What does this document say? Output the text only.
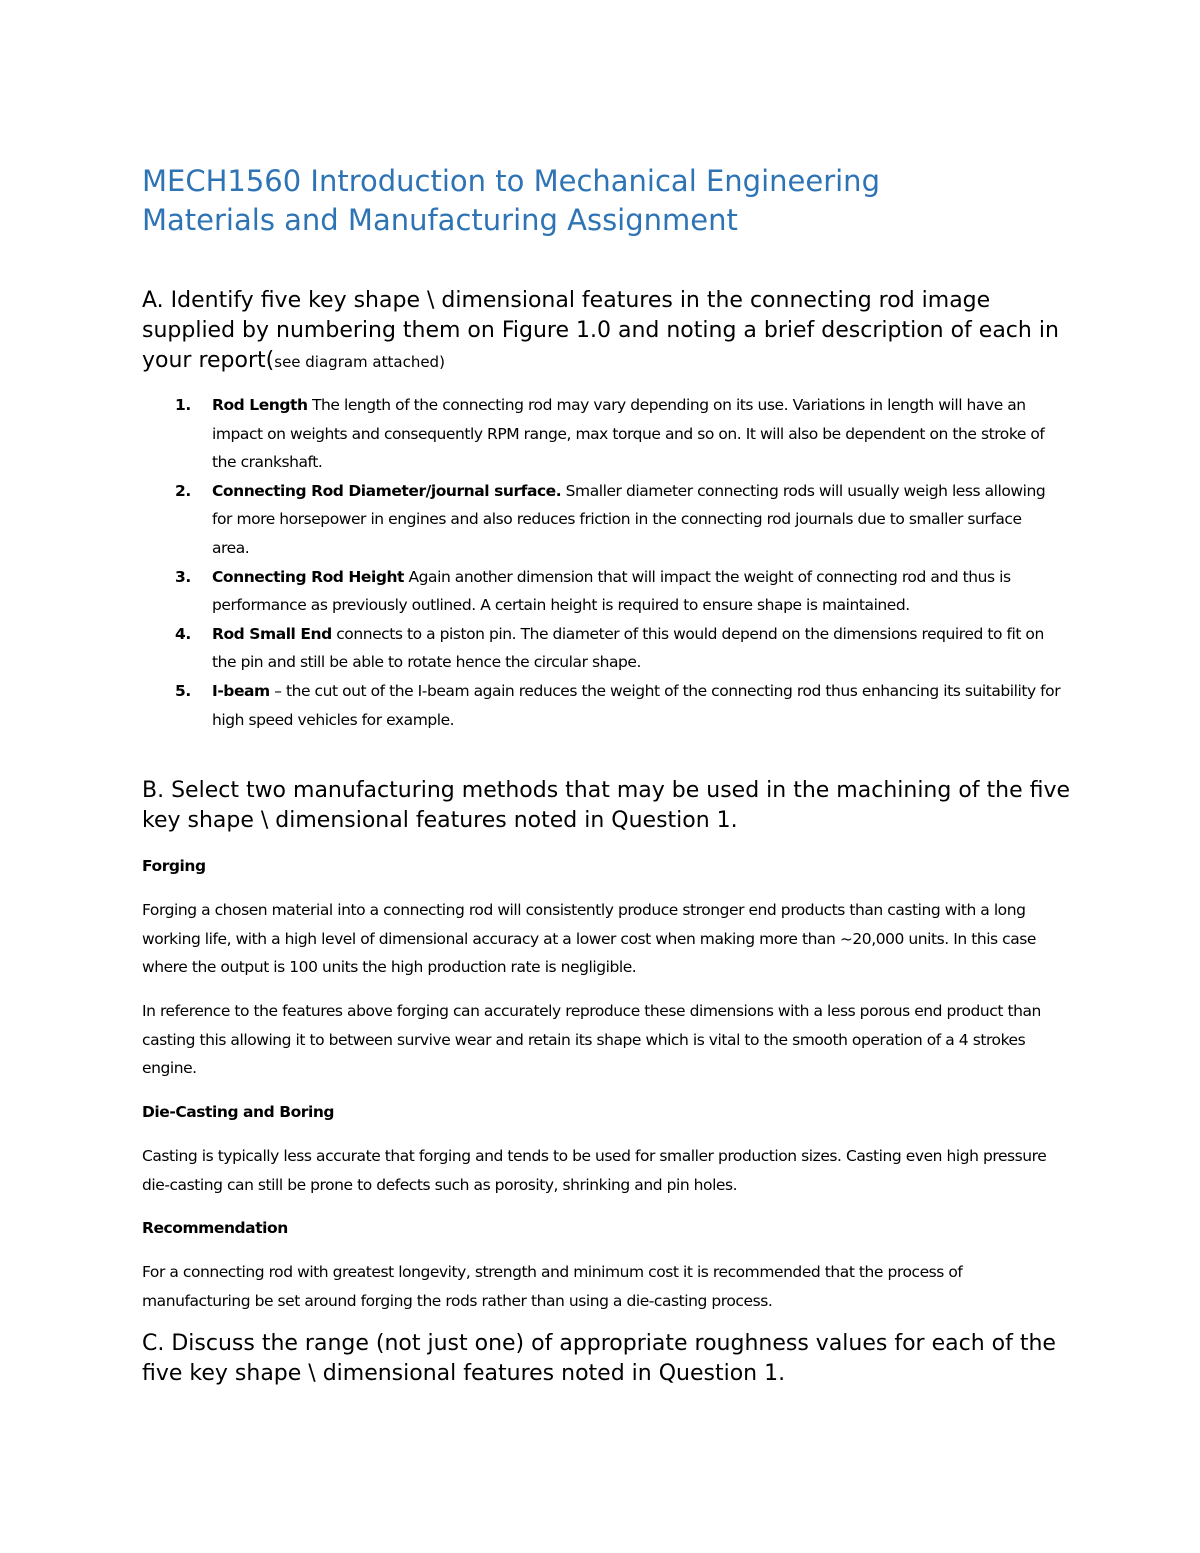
MECH1560 Introduction to Mechanical Engineering
Materials and Manufacturing Assignment
A. Identify five key shape \ dimensional features in the connecting rod image supplied by numbering them on Figure 1.0 and noting a brief description of each in your report(see diagram attached)
1. Rod Length The length of the connecting rod may vary depending on its use. Variations in length will have an impact on weights and consequently RPM range, max torque and so on. It will also be dependent on the stroke of the crankshaft.
2. Connecting Rod Diameter/journal surface. Smaller diameter connecting rods will usually weigh less allowing for more horsepower in engines and also reduces friction in the connecting rod journals due to smaller surface area.
3. Connecting Rod Height Again another dimension that will impact the weight of connecting rod and thus is performance as previously outlined. A certain height is required to ensure shape is maintained.
4. Rod Small End connects to a piston pin. The diameter of this would depend on the dimensions required to fit on the pin and still be able to rotate hence the circular shape.
5. I-beam – the cut out of the I-beam again reduces the weight of the connecting rod thus enhancing its suitability for high speed vehicles for example.
B. Select two manufacturing methods that may be used in the machining of the five key shape \ dimensional features noted in Question 1.

Forging

Forging a chosen material into a connecting rod will consistently produce stronger end products than casting with a long working life, with a high level of dimensional accuracy at a lower cost when making more than ~20,000 units. In this case where the output is 100 units the high production rate is negligible.

In reference to the features above forging can accurately reproduce these dimensions with a less porous end product than casting this allowing it to between survive wear and retain its shape which is vital to the smooth operation of a 4 strokes engine.

Die-Casting and Boring

Casting is typically less accurate that forging and tends to be used for smaller production sizes. Casting even high pressure die-casting can still be prone to defects such as porosity, shrinking and pin holes.

Recommendation

For a connecting rod with greatest longevity, strength and minimum cost it is recommended that the process of manufacturing be set around forging the rods rather than using a die-casting process.

C. Discuss the range (not just one) of appropriate roughness values for each of the five key shape \ dimensional features noted in Question 1.
